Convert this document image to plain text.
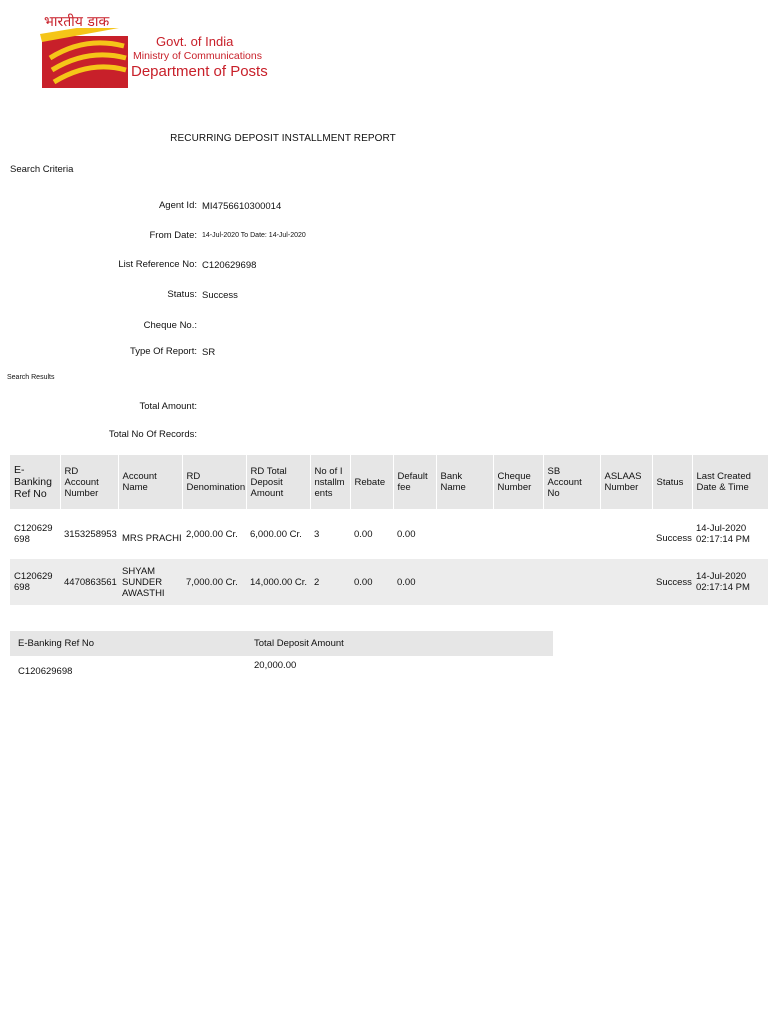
भारतीय डाक
Govt. of India
Ministry of Communications
Department of Posts
India Post
RECURRING DEPOSIT INSTALLMENT REPORT
Search Criteria
Agent Id: MI4756610300014
From Date: 14-Jul-2020 To Date: 14-Jul-2020
List Reference No: C120629698
Status: Success
Cheque No.:
Type Of Report: SR
Search Results
Total Amount:
Total No Of Records:
E-Banking Ref No	RD Account Number	Account Name	RD Denomination	RD Total Deposit Amount	No of Installments	Rebate	Default fee	Bank Name	Cheque Number	SB Account No	ASLAAS Number	Status	Last Created Date & Time
C120629698	3153258953	MRS PRACHI	2,000.00 Cr.	6,000.00 Cr.	3	0.00	0.00					Success	14-Jul-2020 02:17:14 PM
C120629698	4470863561	SHYAM SUNDER AWASTHI	7,000.00 Cr.	14,000.00 Cr.	2	0.00	0.00					Success	14-Jul-2020 02:17:14 PM
E-Banking Ref No	Total Deposit Amount
C120629698	20,000.00
